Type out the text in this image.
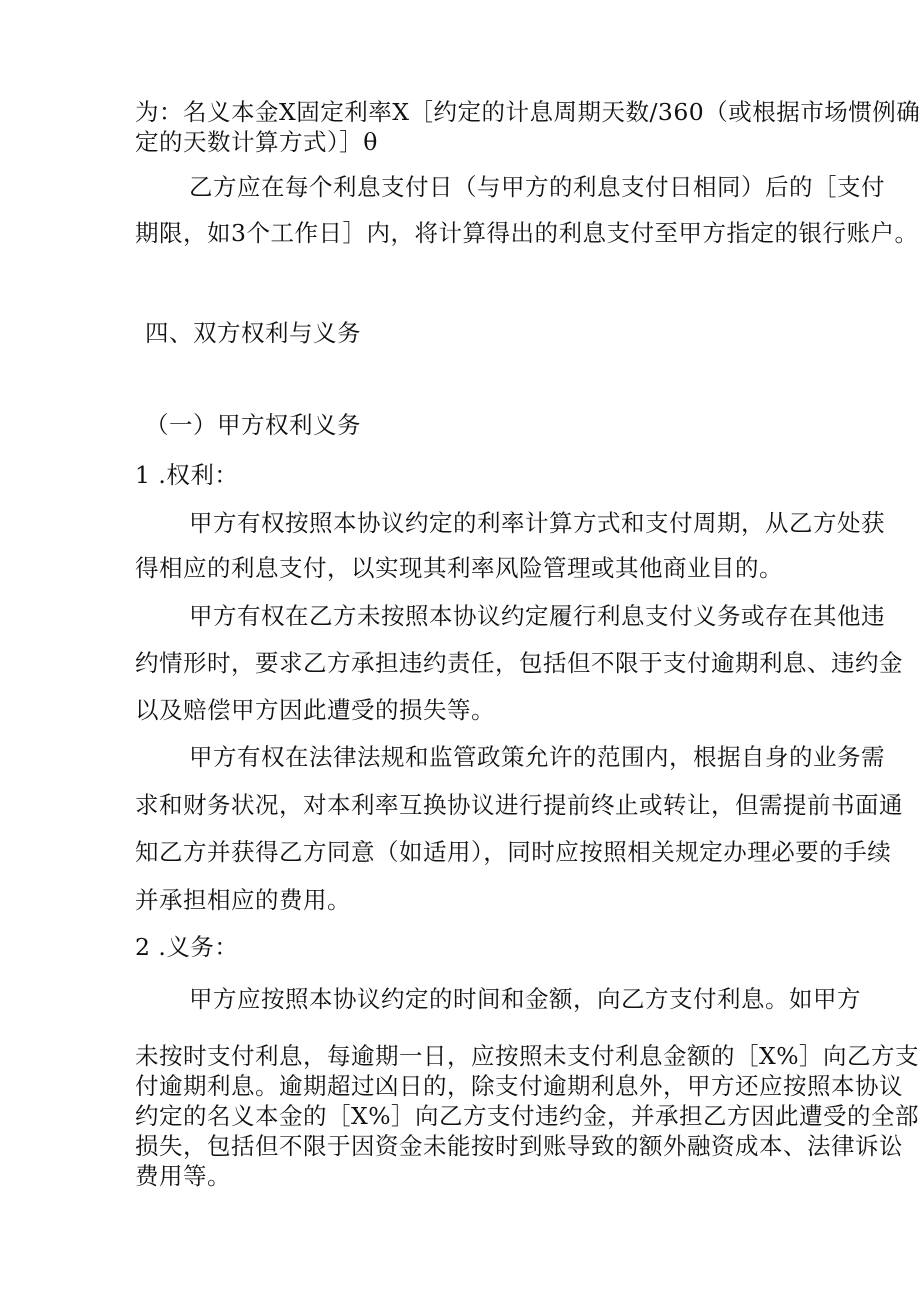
为：名义本金X固定利率X［约定的计息周期天数/360（或根据市场惯例确
定的天数计算方式）］θ
乙方应在每个利息支付日（与甲方的利息支付日相同）后的［支付
期限，如3个工作日］内，将计算得出的利息支付至甲方指定的银行账户。
四、双方权利与义务
（一）甲方权利义务
1 .权利：
甲方有权按照本协议约定的利率计算方式和支付周期，从乙方处获
得相应的利息支付，以实现其利率风险管理或其他商业目的。
甲方有权在乙方未按照本协议约定履行利息支付义务或存在其他违
约情形时，要求乙方承担违约责任，包括但不限于支付逾期利息、违约金
以及赔偿甲方因此遭受的损失等。
甲方有权在法律法规和监管政策允许的范围内，根据自身的业务需
求和财务状况，对本利率互换协议进行提前终止或转让，但需提前书面通
知乙方并获得乙方同意（如适用），同时应按照相关规定办理必要的手续
并承担相应的费用。
2 .义务：
甲方应按照本协议约定的时间和金额，向乙方支付利息。如甲方
未按时支付利息，每逾期一日，应按照未支付利息金额的［X%］向乙方支
付逾期利息。逾期超过凶日的，除支付逾期利息外，甲方还应按照本协议
约定的名义本金的［X%］向乙方支付违约金，并承担乙方因此遭受的全部
损失，包括但不限于因资金未能按时到账导致的额外融资成本、法律诉讼
费用等。
